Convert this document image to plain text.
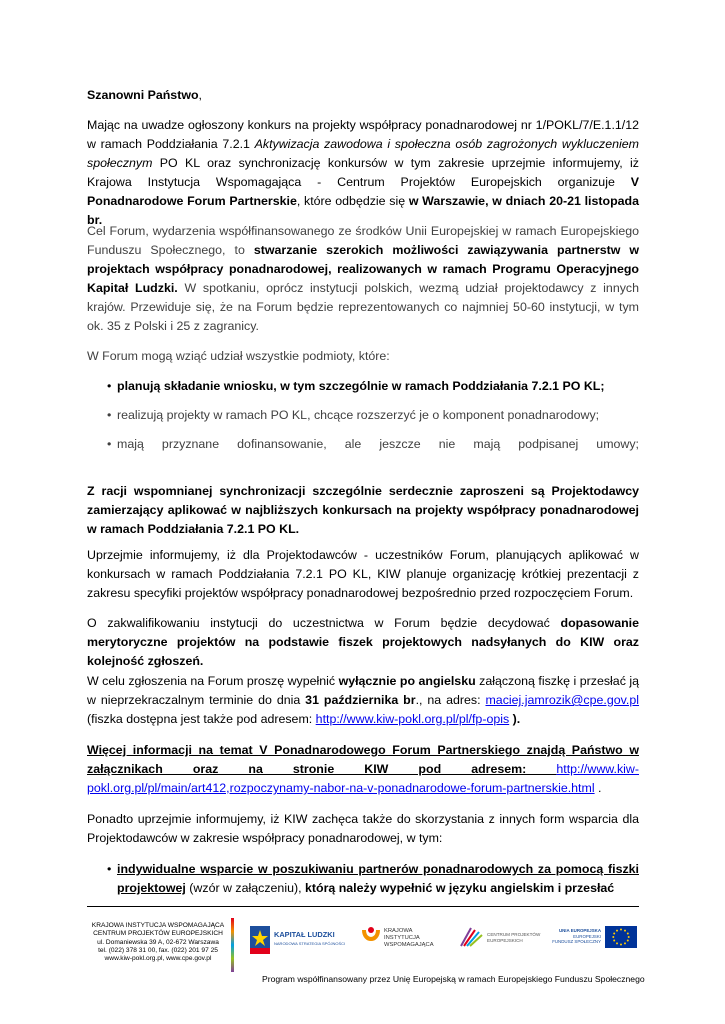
Szanowni Państwo,

Mając na uwadze ogłoszony konkurs na projekty współpracy ponadnarodowej nr 1/POKL/7/E.1.1/12 w ramach Poddziałania 7.2.1 Aktywizacja zawodowa i społeczna osób zagrożonych wykluczeniem społecznym PO KL oraz synchronizację konkursów w tym zakresie uprzejmie informujemy, iż Krajowa Instytucja Wspomagająca - Centrum Projektów Europejskich organizuje V Ponadnarodowe Forum Partnerskie, które odbędzie się w Warszawie, w dniach 20-21 listopada br.

Cel Forum, wydarzenia współfinansowanego ze środków Unii Europejskiej w ramach Europejskiego Funduszu Społecznego, to stwarzanie szerokich możliwości zawiązywania partnerstw w projektach współpracy ponadnarodowej, realizowanych w ramach Programu Operacyjnego Kapitał Ludzki. W spotkaniu, oprócz instytucji polskich, wezmą udział projektodawcy z innych krajów. Przewiduje się, że na Forum będzie reprezentowanych co najmniej 50-60 instytucji, w tym ok. 35 z Polski i 25 z zagranicy.

W Forum mogą wziąć udział wszystkie podmioty, które:

• planują składanie wniosku, w tym szczególnie w ramach Poddziałania 7.2.1 PO KL;
• realizują projekty w ramach PO KL, chcące rozszerzyć je o komponent ponadnarodowy;
• mają przyznane dofinansowanie, ale jeszcze nie mają podpisanej umowy;

Z racji wspomnianej synchronizacji szczególnie serdecznie zaproszeni są Projektodawcy zamierzający aplikować w najbliższych konkursach na projekty współpracy ponadnarodowej w ramach Poddziałania 7.2.1 PO KL.

Uprzejmie informujemy, iż dla Projektodawców - uczestników Forum, planujących aplikować w konkursach w ramach Poddziałania 7.2.1 PO KL, KIW planuje organizację krótkiej prezentacji z zakresu specyfiki projektów współpracy ponadnarodowej bezpośrednio przed rozpoczęciem Forum.

O zakwalifikowaniu instytucji do uczestnictwa w Forum będzie decydować dopasowanie merytoryczne projektów na podstawie fiszek projektowych nadsyłanych do KIW oraz kolejność zgłoszeń.

W celu zgłoszenia na Forum proszę wypełnić wyłącznie po angielsku załączoną fiszkę i przesłać ją w nieprzekraczalnym terminie do dnia 31 października br., na adres: maciej.jamrozik@cpe.gov.pl (fiszka dostępna jest także pod adresem: http://www.kiw-pokl.org.pl/pl/fp-opis ).

Więcej informacji na temat V Ponadnarodowego Forum Partnerskiego znajdą Państwo w załącznikach oraz na stronie KIW pod adresem: http://www.kiw-pokl.org.pl/pl/main/art412,rozpoczynamy-nabor-na-v-ponadnarodowe-forum-partnerskie.html .

Ponadto uprzejmie informujemy, iż KIW zachęca także do skorzystania z innych form wsparcia dla Projektodawców w zakresie współpracy ponadnarodowej, w tym:

• indywidualne wsparcie w poszukiwaniu partnerów ponadnarodowych za pomocą fiszki projektowej (wzór w załączeniu), którą należy wypełnić w języku angielskim i przesłać
KRAJOWA INSTYTUCJA WSPOMAGAJĄCA
CENTRUM PROJEKTÓW EUROPEJSKICH
ul. Domaniewska 39 A, 02-672 Warszawa
tel. (022) 378 31 00, fax. (022) 201 97 25
www.kiw-pokl.org.pl, www.cpe.gov.pl
KAPITAŁ LUDZKI
NARODOWA STRATEGIA SPÓJNOŚCI
KRAJOWA
INSTYTUCJA
WSPOMAGAJĄCA
CENTRUM PROJEKTÓW
EUROPEJSKICH
UNIA EUROPEJSKA
EUROPEJSKI
FUNDUSZ SPOŁECZNY
Program współfinansowany przez Unię Europejską w ramach Europejskiego Funduszu Społecznego
